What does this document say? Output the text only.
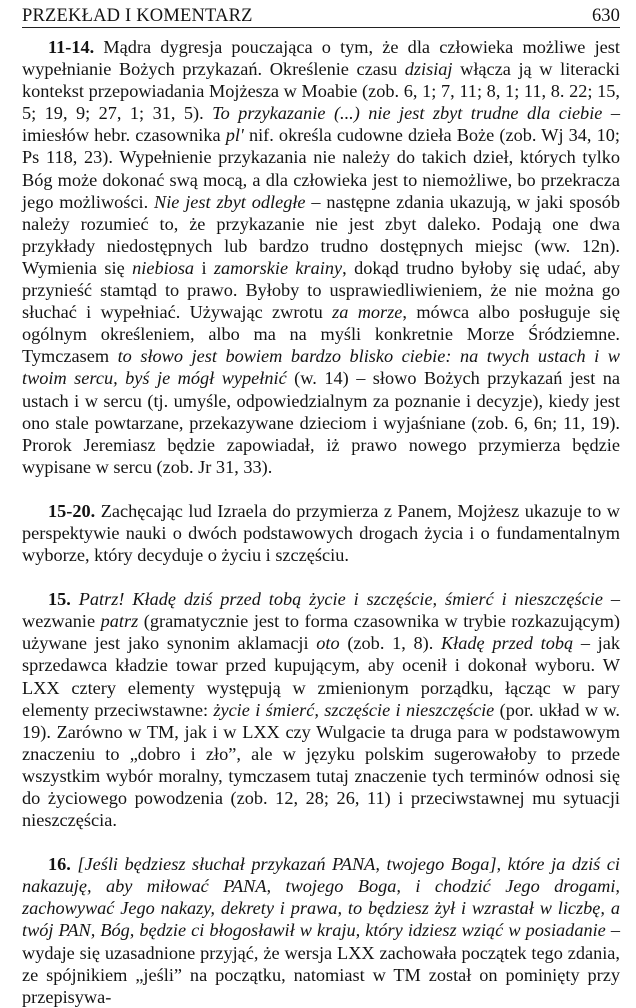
PRZEKŁAD I KOMENTARZ	630

11-14. Mądra dygresja pouczająca o tym, że dla człowieka możliwe jest wypełnianie Bożych przykazań. Określenie czasu dzisiaj włącza ją w literacki kontekst przepowiadania Mojżesza w Moabie (zob. 6, 1; 7, 11; 8, 1; 11, 8. 22; 15, 5; 19, 9; 27, 1; 31, 5). To przykazanie (...) nie jest zbyt trudne dla ciebie – imiesłów hebr. czasownika pl' nif. określa cudowne dzieła Boże (zob. Wj 34, 10; Ps 118, 23). Wypełnienie przykazania nie należy do takich dzieł, których tylko Bóg może dokonać swą mocą, a dla człowieka jest to niemożliwe, bo przekracza jego możliwości. Nie jest zbyt odległe – następne zdania ukazują, w jaki sposób należy rozumieć to, że przykazanie nie jest zbyt daleko. Podają one dwa przykłady niedostępnych lub bardzo trudno dostępnych miejsc (ww. 12n). Wymienia się niebiosa i zamorskie krainy, dokąd trudno byłoby się udać, aby przynieść stamtąd to prawo. Byłoby to usprawiedliwieniem, że nie można go słuchać i wypełniać. Używając zwrotu za morze, mówca albo posługuje się ogólnym określeniem, albo ma na myśli konkretnie Morze Śródziemne. Tymczasem to słowo jest bowiem bardzo blisko ciebie: na twych ustach i w twoim sercu, byś je mógł wypełnić (w. 14) – słowo Bożych przykazań jest na ustach i w sercu (tj. umyśle, odpowiedzialnym za poznanie i decyzje), kiedy jest ono stale powtarzane, przekazywane dzieciom i wyjaśniane (zob. 6, 6n; 11, 19). Prorok Jeremiasz będzie zapowiadał, iż prawo nowego przymierza będzie wypisane w sercu (zob. Jr 31, 33).

15-20. Zachęcając lud Izraela do przymierza z Panem, Mojżesz ukazuje to w perspektywie nauki o dwóch podstawowych drogach życia i o fundamentalnym wyborze, który decyduje o życiu i szczęściu.

15. Patrz! Kładę dziś przed tobą życie i szczęście, śmierć i nieszczęście – wezwanie patrz (gramatycznie jest to forma czasownika w trybie rozkazującym) używane jest jako synonim aklamacji oto (zob. 1, 8). Kładę przed tobą – jak sprzedawca kładzie towar przed kupującym, aby ocenił i dokonał wyboru. W LXX cztery elementy występują w zmienionym porządku, łącząc w pary elementy przeciwstawne: życie i śmierć, szczęście i nieszczęście (por. układ w w. 19). Zarówno w TM, jak i w LXX czy Wulgacie ta druga para w podstawowym znaczeniu to „dobro i zło”, ale w języku polskim sugerowałoby to przede wszystkim wybór moralny, tymczasem tutaj znaczenie tych terminów odnosi się do życiowego powodzenia (zob. 12, 28; 26, 11) i przeciwstawnej mu sytuacji nieszczęścia.

16. [Jeśli będziesz słuchał przykazań PANA, twojego Boga], które ja dziś ci nakazuję, aby miłować PANA, twojego Boga, i chodzić Jego drogami, zachowywać Jego nakazy, dekrety i prawa, to będziesz żył i wzrastał w liczbę, a twój PAN, Bóg, będzie ci błogosławił w kraju, który idziesz wziąć w posiadanie – wydaje się uzasadnione przyjąć, że wersja LXX zachowała początek tego zdania, ze spójnikiem „jeśli” na początku, natomiast w TM został on pominięty przy przepisywa-
